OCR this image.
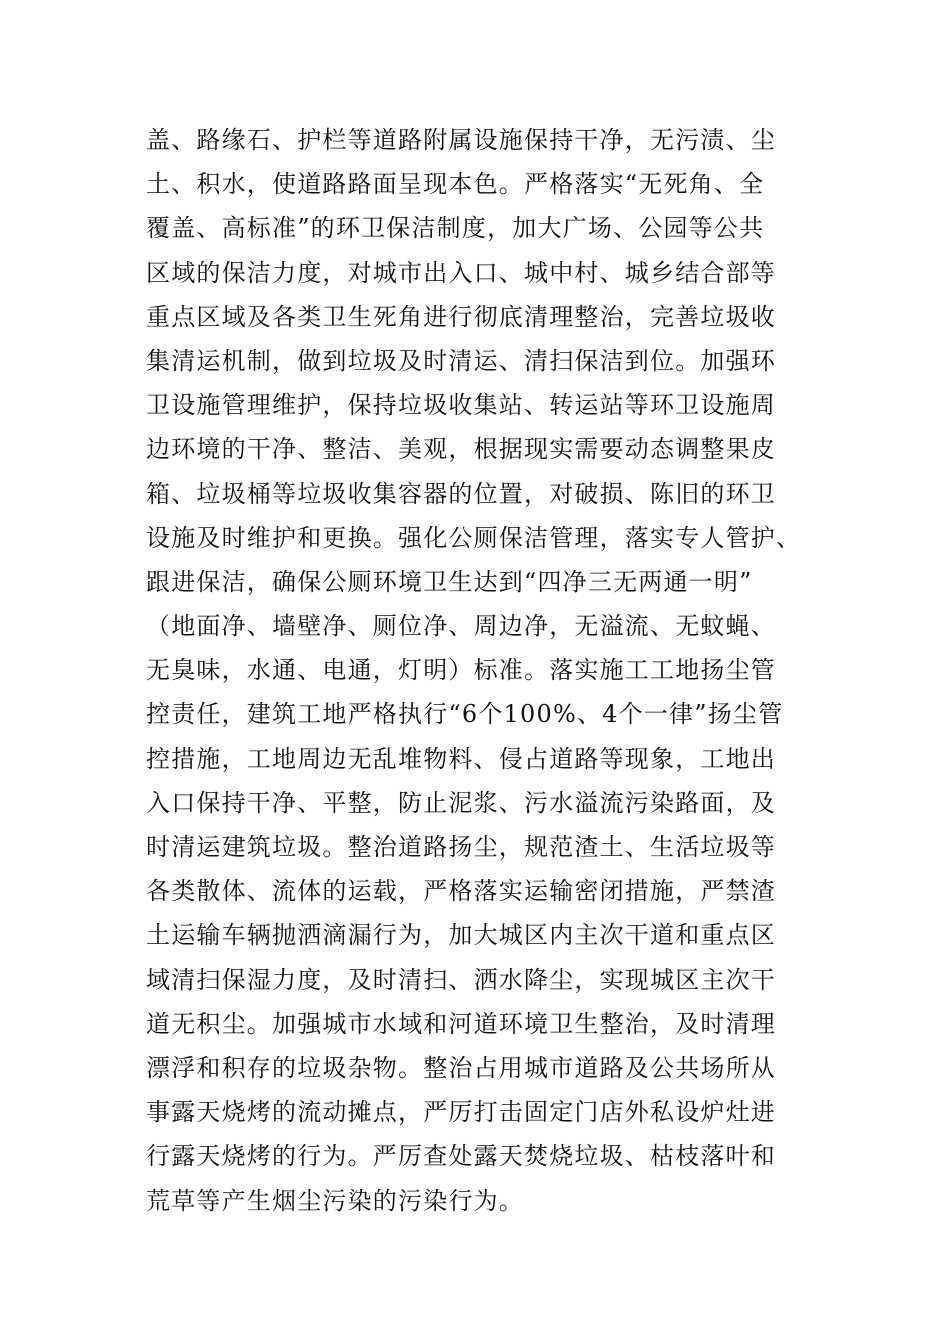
盖、路缘石、护栏等道路附属设施保持干净，无污渍、尘
土、积水，使道路路面呈现本色。严格落实“无死角、全
覆盖、高标准”的环卫保洁制度，加大广场、公园等公共
区域的保洁力度，对城市出入口、城中村、城乡结合部等
重点区域及各类卫生死角进行彻底清理整治，完善垃圾收
集清运机制，做到垃圾及时清运、清扫保洁到位。加强环
卫设施管理维护，保持垃圾收集站、转运站等环卫设施周
边环境的干净、整洁、美观，根据现实需要动态调整果皮
箱、垃圾桶等垃圾收集容器的位置，对破损、陈旧的环卫
设施及时维护和更换。强化公厕保洁管理，落实专人管护、
跟进保洁，确保公厕环境卫生达到“四净三无两通一明”
（地面净、墙壁净、厕位净、周边净，无溢流、无蚊蝇、
无臭味，水通、电通，灯明）标准。落实施工工地扬尘管
控责任，建筑工地严格执行“6个100%、4个一律”扬尘管
控措施，工地周边无乱堆物料、侵占道路等现象，工地出
入口保持干净、平整，防止泥浆、污水溢流污染路面，及
时清运建筑垃圾。整治道路扬尘，规范渣土、生活垃圾等
各类散体、流体的运载，严格落实运输密闭措施，严禁渣
土运输车辆抛洒滴漏行为，加大城区内主次干道和重点区
域清扫保湿力度，及时清扫、洒水降尘，实现城区主次干
道无积尘。加强城市水域和河道环境卫生整治，及时清理
漂浮和积存的垃圾杂物。整治占用城市道路及公共场所从
事露天烧烤的流动摊点，严厉打击固定门店外私设炉灶进
行露天烧烤的行为。严厉查处露天焚烧垃圾、枯枝落叶和
荒草等产生烟尘污染的污染行为。
